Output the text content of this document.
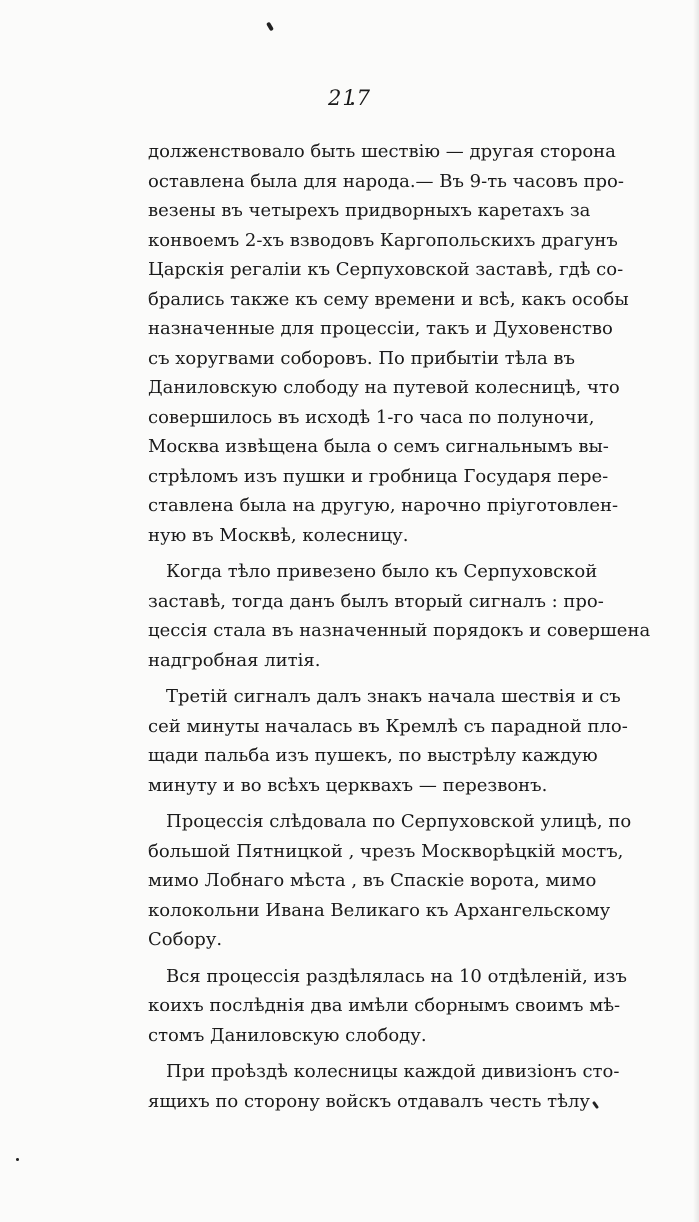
217
долженствовало быть шествію — другая сторона
оставлена была для народа.— Въ 9-ть часовъ про-
везены въ четырехъ придворныхъ каретахъ за
конвоемъ 2-хъ взводовъ Каргопольскихъ драгунъ
Царскія регаліи къ Серпуховской заставѣ, гдѣ со-
брались также къ сему времени и всѣ, какъ особы
назначенные для процессіи, такъ и Духовенство
съ хоругвами соборовъ. По прибытіи тѣла въ
Даниловскую слободу на путевой колесницѣ, что
совершилось въ исходѣ 1-го часа по полуночи,
Москва извѣщена была о семъ сигнальнымъ вы-
стрѣломъ изъ пушки и гробница Государя пере-
ставлена была на другую, нарочно пріуготовлен-
ную въ Москвѣ, колесницу.
Когда тѣло привезено было къ Серпуховской
заставѣ, тогда данъ былъ вторый сигналъ : про-
цессія стала въ назначенный порядокъ и совершена
надгробная литія.
Третій сигналъ далъ знакъ начала шествія и съ
сей минуты началась въ Кремлѣ съ парадной пло-
щади пальба изъ пушекъ, по выстрѣлу каждую
минуту и во всѣхъ церквахъ — перезвонъ.
Процессія слѣдовала по Серпуховской улицѣ, по
большой Пятницкой , чрезъ Москворѣцкій мостъ,
мимо Лобнаго мѣста , въ Спаскіе ворота, мимо
колокольни Ивана Великаго къ Архангельскому
Собору.
Вся процессія раздѣлялась на 10 отдѣленій, изъ
коихъ послѣднія два имѣли сборнымъ своимъ мѣ-
стомъ Даниловскую слободу.
При проѣздѣ колесницы каждой дивизіонъ сто-
ящихъ по сторону войскъ отдавалъ честь тѣлу
